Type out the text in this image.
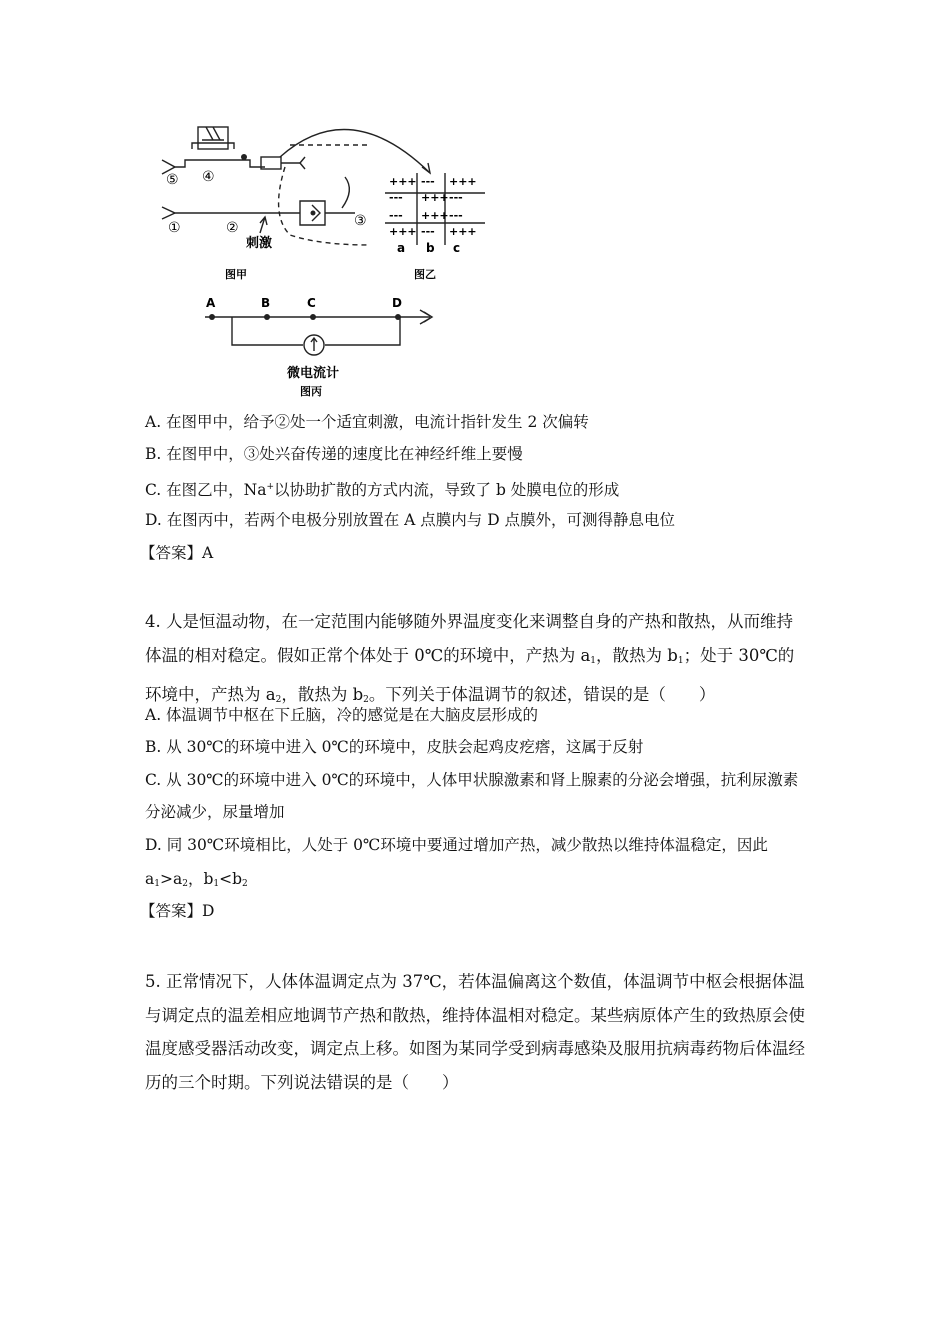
⑤ ④
①	②	③
刺激
图甲
+++ --- +++
--- +++ ---
--- +++ ---
+++ --- +++
a b c
图乙
A	B	C	D
微电流计
图丙
A. 在图甲中，给予②处一个适宜刺激，电流计指针发生 2 次偏转
B. 在图甲中，③处兴奋传递的速度比在神经纤维上要慢
C. 在图乙中，Na+以协助扩散的方式内流，导致了 b 处膜电位的形成
D. 在图丙中，若两个电极分别放置在 A 点膜内与 D 点膜外，可测得静息电位
【答案】A
4. 人是恒温动物，在一定范围内能够随外界温度变化来调整自身的产热和散热，从而维持体温的相对稳定。假如正常个体处于 0℃的环境中，产热为 $a_1$，散热为 $b_1$；处于 30℃的环境中，产热为 $a_2$，散热为 $b_2$。下列关于体温调节的叙述，错误的是（　　）
A. 体温调节中枢在下丘脑，冷的感觉是在大脑皮层形成的
B. 从 30℃的环境中进入 0℃的环境中，皮肤会起鸡皮疙瘩，这属于反射
C. 从 30℃的环境中进入 0℃的环境中，人体甲状腺激素和肾上腺素的分泌会增强，抗利尿激素分泌减少，尿量增加
D. 同 30℃环境相比，人处于 0℃环境中要通过增加产热，减少散热以维持体温稳定，因此
$a_1>a_2$，$b_1<b_2$
【答案】D
5. 正常情况下，人体体温调定点为 37℃，若体温偏离这个数值，体温调节中枢会根据体温与调定点的温差相应地调节产热和散热，维持体温相对稳定。某些病原体产生的致热原会使温度感受器活动改变，调定点上移。如图为某同学受到病毒感染及服用抗病毒药物后体温经历的三个时期。下列说法错误的是（　　）
